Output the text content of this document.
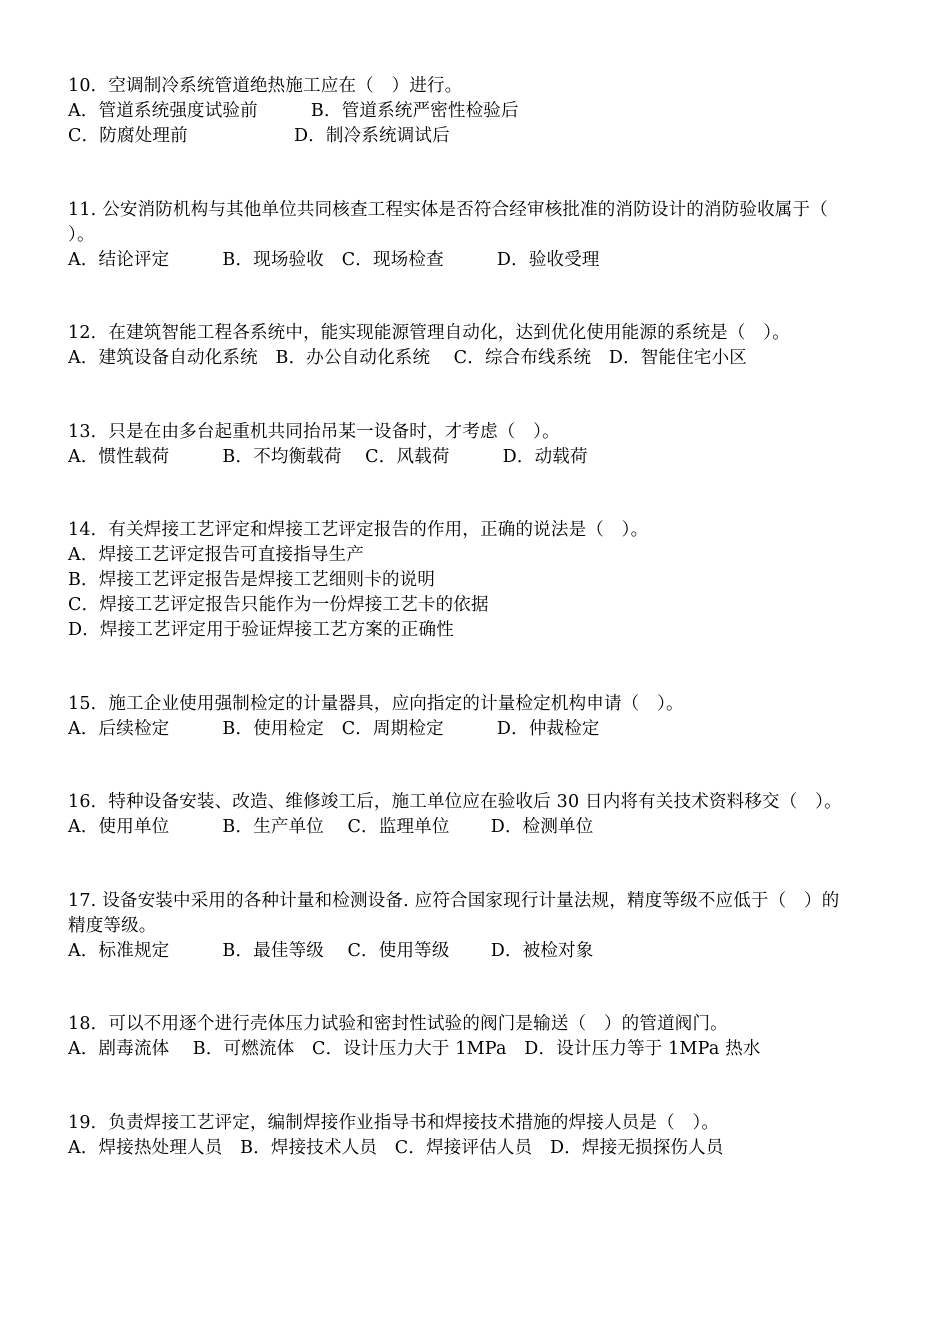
10．空调制冷系统管道绝热施工应在（　）进行。
A．管道系统强度试验前　　　B．管道系统严密性检验后
C．防腐处理前　　　　　　D．制冷系统调试后
11. 公安消防机构与其他单位共同核查工程实体是否符合经审核批准的消防设计的消防验收属于（
）。
A．结论评定　　　B．现场验收　C．现场检查　　　D．验收受理
12．在建筑智能工程各系统中，能实现能源管理自动化，达到优化使用能源的系统是（　）。
A．建筑设备自动化系统　B．办公自动化系统　 C．综合布线系统　D．智能住宅小区
13．只是在由多台起重机共同抬吊某一设备时，才考虑（　）。
A．惯性载荷　　　B．不均衡载荷　 C．风载荷　　　D．动载荷
14．有关焊接工艺评定和焊接工艺评定报告的作用，正确的说法是（　）。
A．焊接工艺评定报告可直接指导生产
B．焊接工艺评定报告是焊接工艺细则卡的说明
C．焊接工艺评定报告只能作为一份焊接工艺卡的依据
D．焊接工艺评定用于验证焊接工艺方案的正确性
15．施工企业使用强制检定的计量器具，应向指定的计量检定机构申请（　）。
A．后续检定　　　B．使用检定　C．周期检定　　　D．仲裁检定
16．特种设备安装、改造、维修竣工后，施工单位应在验收后 30 日内将有关技术资料移交（　）。
A．使用单位　　　B．生产单位　 C．监理单位　　 D．检测单位
17. 设备安装中采用的各种计量和检测设备. 应符合国家现行计量法规，精度等级不应低于（　）的
精度等级。
A．标准规定　　　B．最佳等级　 C．使用等级　　 D．被检对象
18．可以不用逐个进行壳体压力试验和密封性试验的阀门是输送（　）的管道阀门。
A．剧毒流体　 B．可燃流体　C．设计压力大于 1MPa　D．设计压力等于 1MPa 热水
19．负责焊接工艺评定，编制焊接作业指导书和焊接技术措施的焊接人员是（　）。
A．焊接热处理人员　B．焊接技术人员　C．焊接评估人员　D．焊接无损探伤人员
